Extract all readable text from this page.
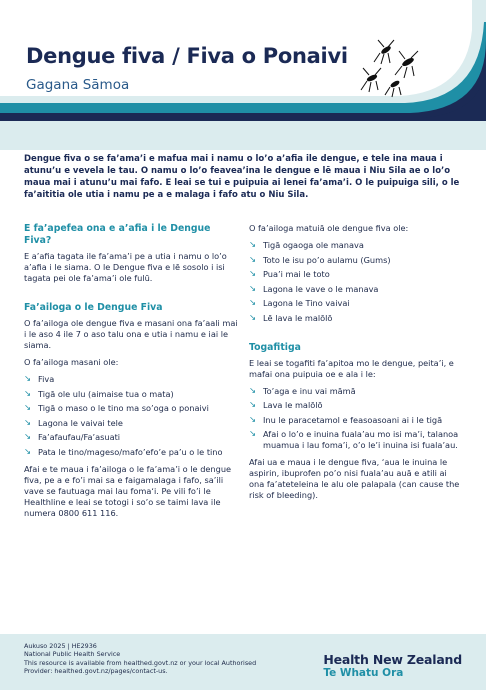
Dengue fiva / Fiva o Ponaivi
Gagana Sāmoa
Dengue fiva o se fa’ama’i e mafua mai i namu o lo’o a’afia ile dengue, e tele ina maua i atunu’u e vevela le tau. O namu o lo’o feavea’ina le dengue e lē maua i Niu Sila ae o lo’o maua mai i atunu’u mai fafo. E leai se tui e puipuia ai lenei fa’ama’i. O le puipuiga sili, o le fa’aititia ole utia i namu pe a e malaga i fafo atu o Niu Sila.
E fa’apefea ona e a’afia i le Dengue Fiva?
E a’afia tagata ile fa’ama’i pe a utia i namu o lo’o a’afia i le siama. O le Dengue fiva e lē sosolo i isi tagata pei ole fa’ama’i ole fulū.
Fa’ailoga o le Dengue Fiva
O fa’ailoga ole dengue fiva e masani ona fa’aali mai i le aso 4 ile 7 o aso talu ona e utia i namu e iai le siama.
O fa’ailoga masani ole:
↘ Fiva
↘ Tigā ole ulu (aimaise tua o mata)
↘ Tigā o maso o le tino ma so’oga o ponaivi
↘ Lagona le vaivai tele
↘ Fa’afaufau/Fa’asuati
↘ Pata le tino/mageso/mafo’efo’e pa’u o le tino
Afai e te maua i fa’ailoga o le fa’ama’i o le dengue fiva, pe a e fo’i mai sa e faigamalaga i fafo, sa’ili vave se fautuaga mai lau fomaʻi. Pe vili fo’i le Healthline e leai se totogi i so’o se taimi lava ile numera 0800 611 116.
O fa’ailoga matuiā ole dengue fiva ole:
↘ Tigā ogaoga ole manava
↘ Toto le isu po’o aulamu (Gums)
↘ Pua’i mai le toto
↘ Lagona le vave o le manava
↘ Lagona le Tino vaivai
↘ Lē lava le malōlō
Togafitiga
E leai se togafiti fa’apitoa mo le dengue, peita’i, e mafai ona puipuia oe e ala i le:
↘ To’aga e inu vai māmā
↘ Lava le malōlō
↘ Inu le paracetamol e feasoasoani ai i le tigā
↘ Afai o lo’o e inuina fuala’au mo isi ma’i, talanoa muamua i lau foma’i, o’o le’i inuina isi fuala’au.
Afai ua e maua i le dengue fiva, ‘aua le inuina le aspirin, ibuprofen po’o nisi fuala’au auā e atili ai ona fa’ateteleina le alu ole palapala (can cause the risk of bleeding).
Aukuso 2025 | HE2936
National Public Health Service
This resource is available from healthed.govt.nz or your local Authorised
Provider: healthed.govt.nz/pages/contact-us.
Health New Zealand
Te Whatu Ora
